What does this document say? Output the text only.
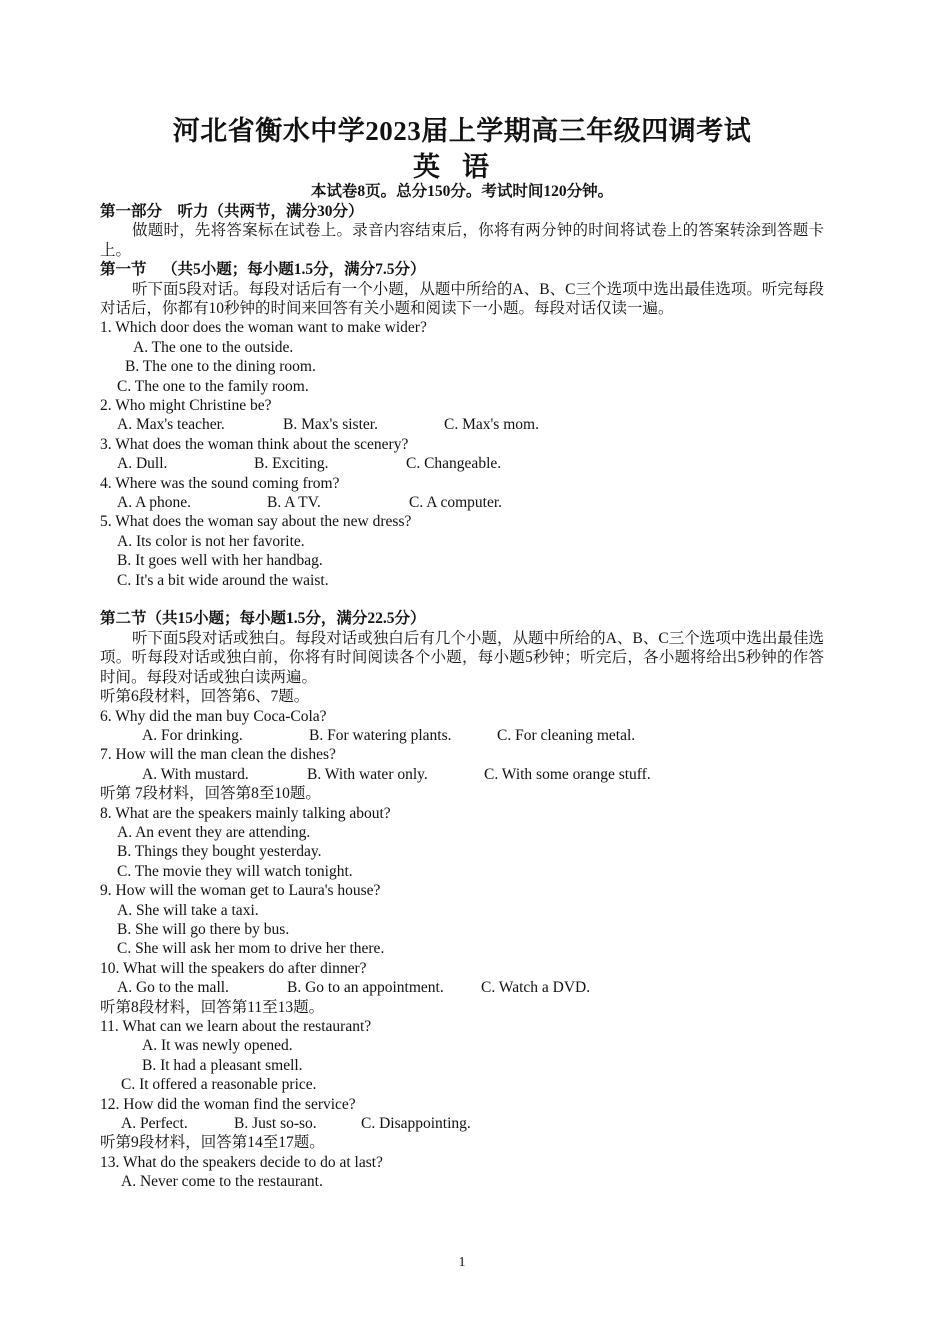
河北省衡水中学2023届上学期高三年级四调考试
英语
本试卷8页。总分150分。考试时间120分钟。

第一部分    听力（共两节，满分30分）

做题时，先将答案标在试卷上。录音内容结束后，你将有两分钟的时间将试卷上的答案转涂到答题卡上。

第一节    （共5小题；每小题1.5分，满分7.5分）

听下面5段对话。每段对话后有一个小题，从题中所给的A、B、C三个选项中选出最佳选项。听完每段对话后，你都有10秒钟的时间来回答有关小题和阅读下一小题。每段对话仅读一遍。

1. Which door does the woman want to make wider?

A. The one to the outside.

B. The one to the dining room.

C. The one to the family room.

2. Who might Christine be?

A. Max's teacher.	B. Max's sister.	C. Max's mom.

3. What does the woman think about the scenery?

A. Dull.	B. Exciting.	C. Changeable.

4. Where was the sound coming from?

A. A phone.	B. A TV.	C. A computer.

5. What does the woman say about the new dress?

A. Its color is not her favorite.

B. It goes well with her handbag.

C. It's a bit wide around the waist.

第二节（共15小题；每小题1.5分，满分22.5分）

听下面5段对话或独白。每段对话或独白后有几个小题，从题中所给的A、B、C三个选项中选出最佳选项。听每段对话或独白前，你将有时间阅读各个小题，每小题5秒钟；听完后，各小题将给出5秒钟的作答时间。每段对话或独白读两遍。

听第6段材料，回答第6、7题。

6. Why did the man buy Coca-Cola?

A. For drinking.	B. For watering plants.	C. For cleaning metal.

7. How will the man clean the dishes?

A. With mustard.	B. With water only.	C. With some orange stuff.

听第 7段材料，回答第8至10题。

8. What are the speakers mainly talking about?

A. An event they are attending.

B. Things they bought yesterday.

C. The movie they will watch tonight.

9. How will the woman get to Laura's house?

A. She will take a taxi.

B. She will go there by bus.

C. She will ask her mom to drive her there.

10. What will the speakers do after dinner?

A. Go to the mall.	B. Go to an appointment. C. Watch a DVD.

听第8段材料，回答第11至13题。

11. What can we learn about the restaurant?

A. It was newly opened.

B. It had a pleasant smell.

C. It offered a reasonable price.

12. How did the woman find the service?

A. Perfect.	B. Just so-so.	C. Disappointing.

听第9段材料，回答第14至17题。

13. What do the speakers decide to do at last?

A. Never come to the restaurant.

1
